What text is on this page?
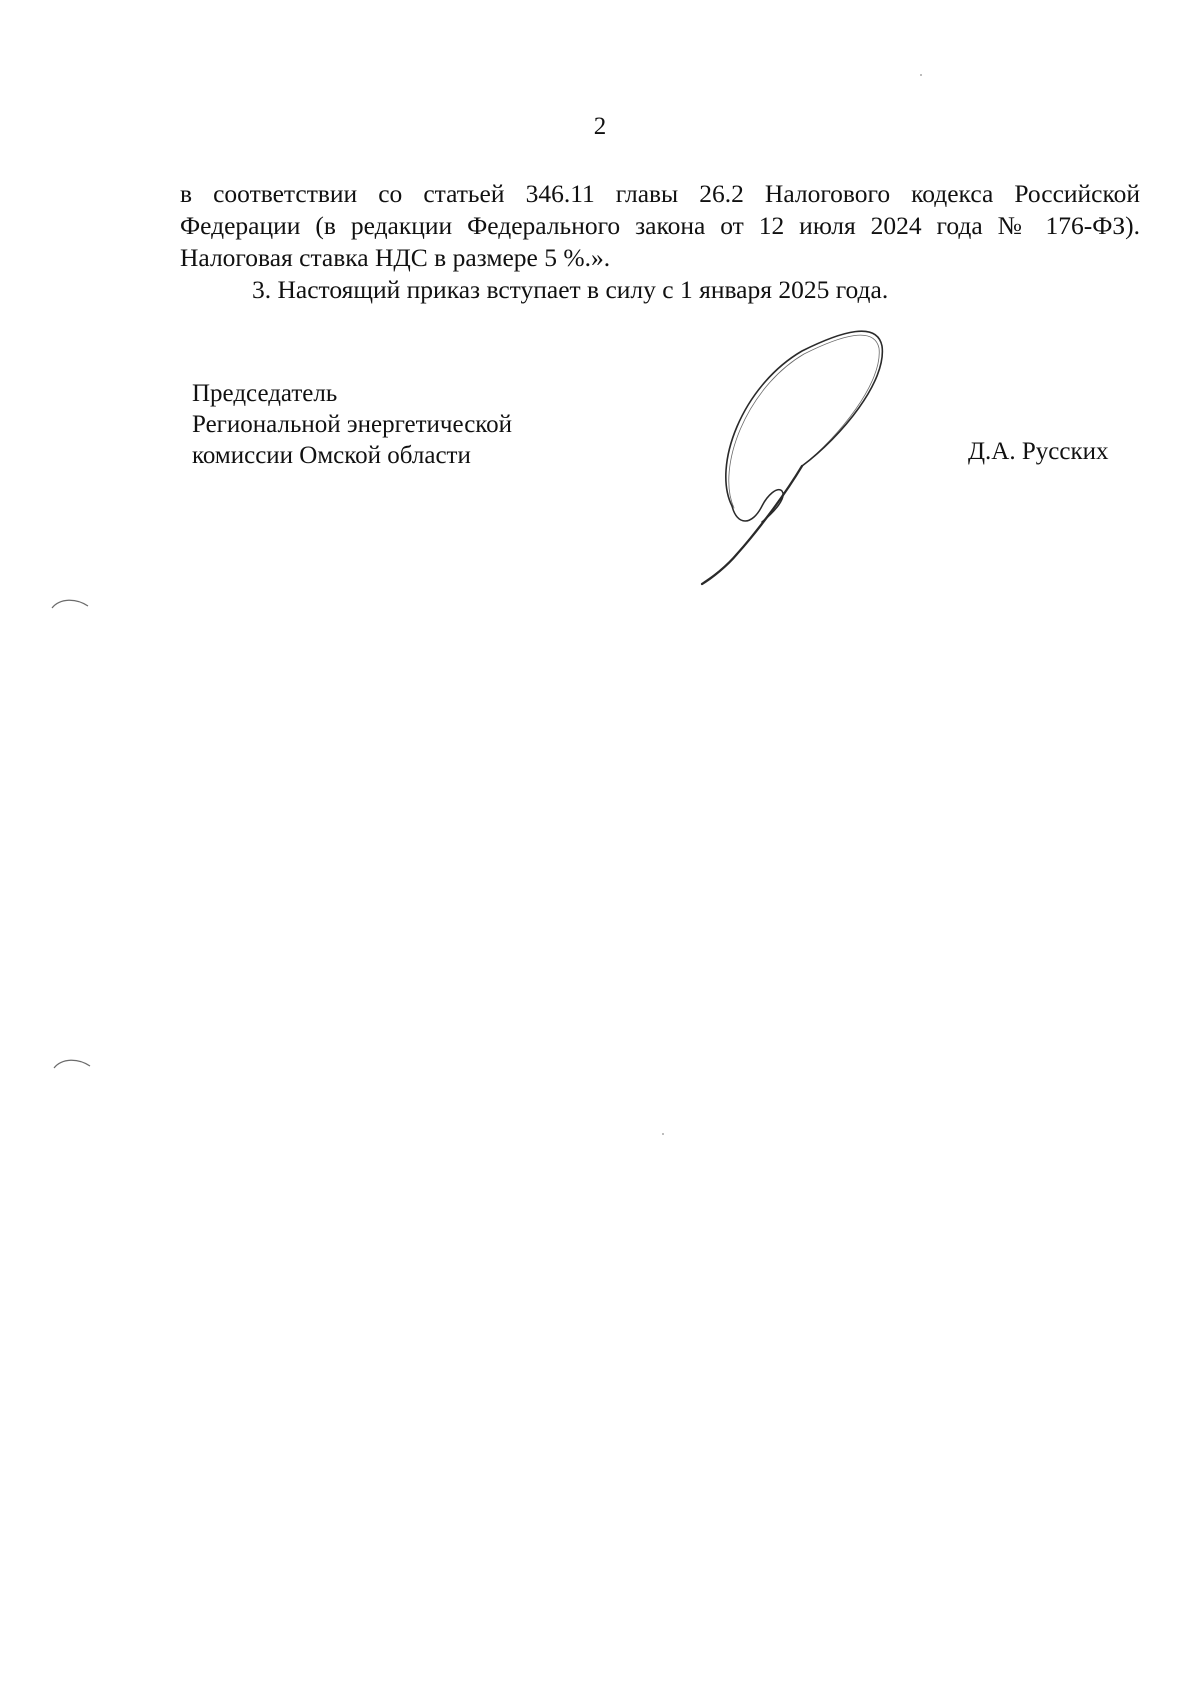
2

в соответствии со статьей 346.11 главы 26.2 Налогового кодекса Российской

Федерации (в редакции Федерального закона от 12 июля 2024 года № 176-ФЗ).

Налоговая ставка НДС в размере 5 %.».

3. Настоящий приказ вступает в силу с 1 января 2025 года.

Председатель
Региональной энергетической
комиссии Омской области	Д.А. Русских
